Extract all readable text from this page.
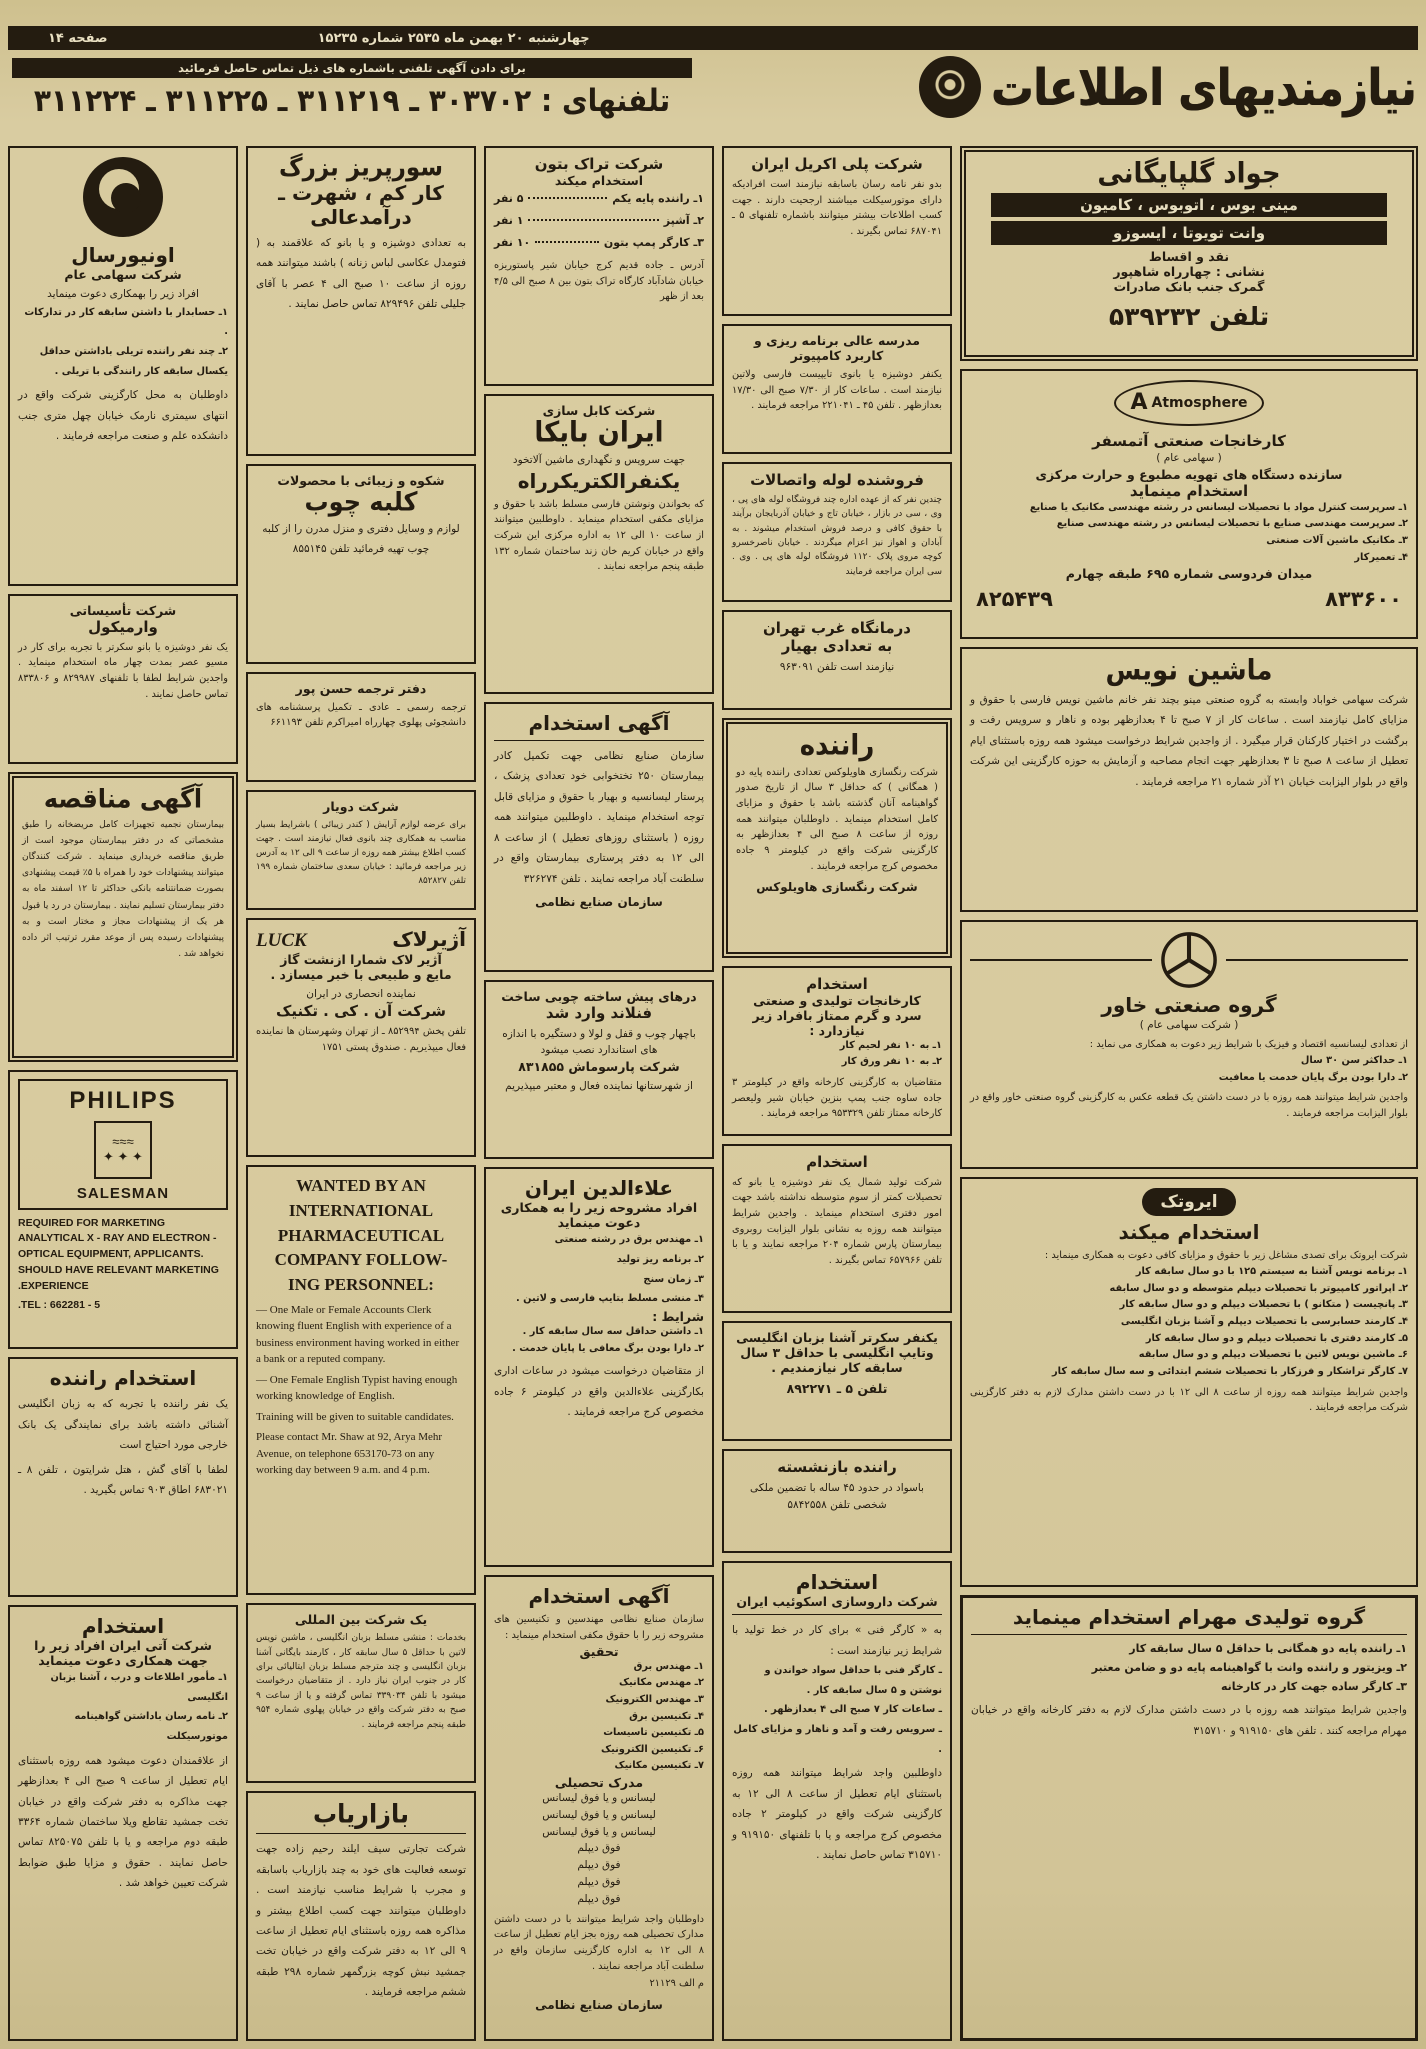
چهارشنبه ۲۰ بهمن ماه ۲۵۳۵ شماره ۱۵۲۳۵
صفحه ۱۴
نیازمندیهای اطلاعات
برای دادن آگهی تلفنی باشماره های ذیل تماس حاصل فرمائید
تلفنهای : ۳۰۳۷۰۲ ـ ۳۱۱۲۱۹ ـ ۳۱۱۲۲۵ ـ ۳۱۱۲۲۴
جواد گلپایگانی
مینی بوس ، اتوبوس ، کامیون
وانت تویوتا ، ایسوزو
نقد و اقساط
نشانی : چهارراه شاهپور
گمرک جنب بانک صادرات
تلفن ۵۳۹۲۳۲
A Atmosphere
کارخانجات صنعتی آتمسفر
( سهامی عام )
سازنده دستگاه های تهویه مطبوع و حرارت مرکزی
استخدام مینماید
۱ـ سرپرست کنترل مواد با تحصیلات لیسانس در رشته مهندسی مکانیک یا صنایع
۲ـ سرپرست مهندسی صنایع با تحصیلات لیسانس در رشته مهندسی صنایع
۳ـ مکانیک ماشین آلات صنعتی
۴ـ تعمیرکار
میدان فردوسی شماره ۶۹۵ طبقه چهارم
۸۳۳۶۰۰
۸۲۵۴۳۹
ماشین نویس
شرکت سهامی خواباد وابسته به گروه صنعتی مینو بچند نفر خانم ماشین نویس فارسی با حقوق و مزایای کامل نیازمند است . ساعات کار از ۷ صبح تا ۴ بعدازظهر بوده و ناهار و سرویس رفت و برگشت در اختیار کارکنان قرار میگیرد . از واجدین شرایط درخواست میشود همه روزه باستثنای ایام تعطیل از ساعت ۸ صبح تا ۳ بعدازظهر جهت انجام مصاحبه و آزمایش به حوزه کارگزینی این شرکت واقع در بلوار الیزابت خیابان ۲۱ آذر شماره ۲۱ مراجعه فرمایند .
گروه صنعتی خاور
( شرکت سهامی عام )
از تعدادی لیسانسیه اقتصاد و فیزیک با شرایط زیر دعوت به همکاری می نماید :
۱ـ حداکثر سن ۳۰ سال
۲ـ دارا بودن برگ پایان خدمت یا معافیت
واجدین شرایط میتوانند همه روزه با در دست داشتن یک قطعه عکس به کارگزینی گروه صنعتی خاور واقع در بلوار الیزابت مراجعه فرمایند .
ایروتک
استخدام میکند
شرکت ایروتک برای تصدی مشاغل زیر با حقوق و مزایای کافی دعوت به همکاری مینماید :
۱ـ برنامه نویس آشنا به سیستم ۱۲۵ با دو سال سابقه کار
۲ـ اپراتور کامپیوتر با تحصیلات دیپلم متوسطه و دو سال سابقه
۳ـ پانچیست ( متکانو ) با تحصیلات دیپلم و دو سال سابقه کار
۴ـ کارمند حسابرسی با تحصیلات دیپلم و آشنا بزبان انگلیسی
۵ـ کارمند دفتری با تحصیلات دیپلم و دو سال سابقه کار
۶ـ ماشین نویس لاتین با تحصیلات دیپلم و دو سال سابقه
۷ـ کارگر تراشکار و فرزکار با تحصیلات ششم ابتدائی و سه سال سابقه کار
واجدین شرایط میتوانند همه روزه از ساعت ۸ الی ۱۲ با در دست داشتن مدارک لازم به دفتر کارگزینی شرکت مراجعه فرمایند .
گروه تولیدی مهرام استخدام مینماید
۱ـ راننده پایه دو همگانی با حداقل ۵ سال سابقه کار
۲ـ ویزیتور و راننده وانت با گواهینامه پایه دو و ضامن معتبر
۳ـ کارگر ساده جهت کار در کارخانه
واجدین شرایط میتوانند همه روزه با در دست داشتن مدارک لازم به دفتر کارخانه واقع در خیابان مهرام مراجعه کنند . تلفن های ۹۱۹۱۵۰ و ۳۱۵۷۱۰
شرکت پلی اکریل ایران
بدو نفر نامه رسان باسابقه نیازمند است افرادیکه دارای موتورسیکلت میباشند ارجحیت دارند . جهت کسب اطلاعات بیشتر میتوانند باشماره تلفنهای ۵ ـ ۶۸۷۰۴۱ تماس بگیرند .
مدرسه عالی برنامه ریزی و
کاربرد کامپیوتر
یکنفر دوشیزه یا بانوی تایپیست فارسی ولاتین نیازمند است . ساعات کار از ۷/۳۰ صبح الی ۱۷/۳۰ بعدازظهر . تلفن ۴۵ ـ ۲۲۱۰۴۱ مراجعه فرمایند .
فروشنده لوله واتصالات
چندین نفر که از عهده اداره چند فروشگاه لوله های پی ، وی ، سی در بازار ، خیابان تاج و خیابان آذربایجان برآیند با حقوق کافی و درصد فروش استخدام میشوند . به آبادان و اهواز نیز اعزام میگردند . خیابان ناصرخسرو کوچه مروی پلاک ۱۱۲۰ فروشگاه لوله های پی . وی . سی ایران مراجعه فرمایند
درمانگاه غرب تهران
به تعدادی بهیار
نیازمند است تلفن ۹۶۳۰۹۱
راننده
شرکت رنگسازی هاویلوکس تعدادی راننده پایه دو ( همگانی ) که حداقل ۳ سال از تاریخ صدور گواهینامه آنان گذشته باشد با حقوق و مزایای کامل استخدام مینماید . داوطلبان میتوانند همه روزه از ساعت ۸ صبح الی ۴ بعدازظهر به کارگزینی شرکت واقع در کیلومتر ۹ جاده مخصوص کرج مراجعه فرمایند .
شرکت رنگسازی هاویلوکس
استخدام
کارخانجات تولیدی و صنعتی
سرد و گرم ممتاز بافراد زیر نیازدارد :
۱ـ به ۱۰ نفر لحیم کار
۲ـ به ۱۰ نفر ورق کار
متقاضیان به کارگزینی کارخانه واقع در کیلومتر ۳ جاده ساوه جنب پمپ بنزین خیابان شیر ولیعصر کارخانه ممتاز تلفن ۹۵۳۳۲۹ مراجعه فرمایند .
استخدام
شرکت تولید شمال یک نفر دوشیزه یا بانو که تحصیلات کمتر از سوم متوسطه نداشته باشد جهت امور دفتری استخدام مینماید . واجدین شرایط میتوانند همه روزه به نشانی بلوار الیزابت روبروی بیمارستان پارس شماره ۲۰۴ مراجعه نمایند و یا با تلفن ۶۵۷۹۶۶ تماس بگیرند .
یکنفر سکرتر آشنا بزبان انگلیسی
وتایپ انگلیسی با حداقل ۳ سال
سابقه کار نیازمندیم .
تلفن ۵ ـ ۸۹۲۲۷۱
راننده بازنشسته
باسواد در حدود ۴۵ ساله با تضمین ملکی شخصی تلفن ۵۸۴۲۵۵۸
استخدام
شرکت داروسازی اسکوئیب ایران
به « کارگر فنی » برای کار در خط تولید با شرایط زیر نیازمند است :
ـ کارگر فنی با حداقل سواد خواندن و نوشتن و ۵ سال سابقه کار .
ـ ساعات کار ۷ صبح الی ۴ بعدازظهر .
ـ سرویس رفت و آمد و ناهار و مزایای کامل .
داوطلبین واجد شرایط میتوانند همه روزه باستثنای ایام تعطیل از ساعت ۸ الی ۱۲ به کارگزینی شرکت واقع در کیلومتر ۲ جاده مخصوص کرج مراجعه و یا با تلفنهای ۹۱۹۱۵۰ و ۳۱۵۷۱۰ تماس حاصل نمایند .
شرکت تراک بتون
استخدام میکند
۱ـ راننده پایه یکم
۵ نفر
۲ـ آشپز
۱ نفر
۳ـ کارگر پمپ بتون
۱۰ نفر
آدرس ـ جاده قدیم کرج خیابان شیر پاستوریزه خیابان شادآباد کارگاه تراک بتون بین ۸ صبح الی ۴/۵ بعد از ظهر
شرکت کابل سازی
ایران بایکا
جهت سرویس و نگهداری ماشین آلاتخود
یکنفرالکتریکرراه
که بخواندن ونوشتن فارسی مسلط باشد با حقوق و مزایای مکفی استخدام مینماید . داوطلبین میتوانند از ساعت ۱۰ الی ۱۲ به اداره مرکزی این شرکت واقع در خیابان کریم خان زند ساختمان شماره ۱۳۲ طبقه پنجم مراجعه نمایند .
آگهی استخدام
سازمان صنایع نظامی جهت تکمیل کادر بیمارستان ۲۵۰ تختخوابی خود تعدادی پزشک ، پرستار لیسانسیه و بهیار با حقوق و مزایای قابل توجه استخدام مینماید . داوطلبین میتوانند همه روزه ( باستثنای روزهای تعطیل ) از ساعت ۸ الی ۱۲ به دفتر پرستاری بیمارستان واقع در سلطنت آباد مراجعه نمایند . تلفن ۳۲۶۲۷۴
سازمان صنایع نظامی
درهای پیش ساخته چوبی ساخت
فنلاند وارد شد
باچهار چوب و قفل و لولا و دستگیره با اندازه های استاندارد نصب میشود
شرکت پارسوماش ۸۳۱۸۵۵
از شهرستانها نماینده فعال و معتبر میپذیریم
علاءالدین ایران
افراد مشروحه زیر را به همکاری دعوت مینماید
۱ـ مهندس برق در رشته صنعتی
۲ـ برنامه ریز تولید
۳ـ زمان سنج
۴ـ منشی مسلط بتایپ فارسی و لاتین .
شرایط :
۱ـ داشتن حداقل سه سال سابقه کار .
۲ـ دارا بودن برگ معافی یا پایان خدمت .
از متقاضیان درخواست میشود در ساعات اداری بکارگزینی علاءالدین واقع در کیلومتر ۶ جاده مخصوص کرج مراجعه فرمایند .
آگهی استخدام
سازمان صنایع نظامی مهندسین و تکنیسین های مشروحه زیر را با حقوق مکفی استخدام مینماید :
تحقیق
۱ـ مهندس برق
۲ـ مهندس مکانیک
۳ـ مهندس الکترونیک
۴ـ تکنیسین برق
۵ـ تکنیسین تاسیسات
۶ـ تکنیسین الکترونیک
۷ـ تکنیسین مکانیک
مدرک تحصیلی
لیسانس و یا فوق لیسانس
لیسانس و یا فوق لیسانس
لیسانس و یا فوق لیسانس
فوق دیپلم
فوق دیپلم
فوق دیپلم
فوق دیپلم
داوطلبان واجد شرایط میتوانند با در دست داشتن مدارک تحصیلی همه روزه بجز ایام تعطیل از ساعت ۸ الی ۱۲ به اداره کارگزینی سازمان واقع در سلطنت آباد مراجعه نمایند .
م الف ۲۱۱۲۹
سازمان صنایع نظامی
سورپریز بزرگ
کار کم ، شهرت ـ
درآمدعالی
به تعدادی دوشیزه و یا بانو که علاقمند به ( فتومدل عکاسی لباس زنانه ) باشند میتوانند همه روزه از ساعت ۱۰ صبح الی ۴ عصر با آقای جلیلی تلفن ۸۲۹۴۹۶ تماس حاصل نمایند .
شکوه و زیبائی با محصولات
کلبه چوب
لوازم و وسایل دفتری و منزل مدرن را از کلبه چوب تهیه فرمائید تلفن ۸۵۵۱۴۵
دفتر ترجمه حسن پور
ترجمه رسمی ـ عادی ـ تکمیل پرسشنامه های دانشجوئی پهلوی چهارراه امیراکرم تلفن ۶۶۱۱۹۳
شرکت دویار
برای عرضه لوازم آرایش ( کندر زیبائی ) باشرایط بسیار مناسب به همکاری چند بانوی فعال نیازمند است . جهت کسب اطلاع بیشتر همه روزه از ساعت ۹ الی ۱۲ به آدرس زیر مراجعه فرمائید : خیابان سعدی ساختمان شماره ۱۹۹ تلفن ۸۵۲۸۲۷
آژیرلاک
LUCK
آژیر لاک شمارا ازنشت گاز
مایع و طبیعی با خبر میسازد .
نماینده انحصاری در ایران
شرکت آن . کی . تکنیک
تلفن پخش ۸۵۲۹۹۴ ـ از تهران وشهرستان ها نماینده فعال میپذیریم . صندوق پستی ۱۷۵۱
WANTED BY AN
INTERNATIONAL
PHARMACEUTICAL
COMPANY FOLLOW-
ING PERSONNEL:
— One Male or Female Accounts Clerk knowing fluent English with experience of a business environment having worked in either a bank or a reputed company.
— One Female English Typist having enough working knowledge of English.
Training will be given to suitable candidates.
Please contact Mr. Shaw at 92, Arya Mehr Avenue, on telephone 653170-73 on any working day between 9 a.m. and 4 p.m.
یک شرکت بین المللی
بخدمات : منشی مسلط بزبان انگلیسی ، ماشین نویس لاتین با حداقل ۵ سال سابقه کار ، کارمند بایگانی آشنا بزبان انگلیسی و چند مترجم مسلط بزبان ایتالیائی برای کار در جنوب ایران نیاز دارد . از متقاضیان درخواست میشود با تلفن ۳۳۹۰۳۴ تماس گرفته و یا از ساعت ۹ صبح به دفتر شرکت واقع در خیابان پهلوی شماره ۹۵۴ طبقه پنجم مراجعه فرمایند .
بازاریاب
شرکت تجارتی سیف ایلند رحیم زاده جهت توسعه فعالیت های خود به چند بازاریاب باسابقه و مجرب با شرایط مناسب نیازمند است . داوطلبان میتوانند جهت کسب اطلاع بیشتر و مذاکره همه روزه باستثنای ایام تعطیل از ساعت ۹ الی ۱۲ به دفتر شرکت واقع در خیابان تخت جمشید نبش کوچه بزرگمهر شماره ۲۹۸ طبقه ششم مراجعه فرمایند .
اونیورسال
شرکت سهامی عام
افراد زیر را بهمکاری دعوت مینماید
۱ـ حسابدار با داشتن سابقه کار در تدارکات .
۲ـ چند نفر راننده تریلی باداشتن حداقل یکسال سابقه کار رانندگی با تریلی .
داوطلبان به محل کارگزینی شرکت واقع در انتهای سیمتری نارمک خیابان چهل متری جنب دانشکده علم و صنعت مراجعه فرمایند .
شرکت تأسیساتی
وارمیکول
یک نفر دوشیزه یا بانو سکرتر با تجربه برای کار در مسیو عصر بمدت چهار ماه استخدام مینماید . واجدین شرایط لطفا با تلفنهای ۸۲۹۹۸۷ و ۸۳۳۸۰۶ تماس حاصل نمایند .
آگهی مناقصه
بیمارستان نجمیه تجهیزات کامل مریضخانه را طبق مشخصاتی که در دفتر بیمارستان موجود است از طریق مناقصه خریداری مینماید . شرکت کنندگان میتوانند پیشنهادات خود را همراه با ۵٪ قیمت پیشنهادی بصورت ضمانتنامه بانکی حداکثر تا ۱۲ اسفند ماه به دفتر بیمارستان تسلیم نمایند . بیمارستان در رد یا قبول هر یک از پیشنهادات مجاز و مختار است و به پیشنهادات رسیده پس از موعد مقرر ترتیب اثر داده نخواهد شد .
PHILIPS
≈≈≈
✦ ✦ ✦
SALESMAN
REQUIRED FOR MARKETING ANALYTICAL X - RAY AND ELECTRON - OPTICAL EQUIPMENT, APPLICANTS. SHOULD HAVE RELEVANT MARKETING EXPERIENCE.
TEL : 662281 - 5.
استخدام راننده
یک نفر راننده با تجربه که به زبان انگلیسی آشنائی داشته باشد برای نمایندگی یک بانک خارجی مورد احتیاج است
لطفا با آقای گش ، هتل شرایتون ، تلفن ۸ ـ ۶۸۳۰۲۱ اطاق ۹۰۳ تماس بگیرید .
استخدام
شرکت آتی ایران افراد زیر را
جهت همکاری دعوت مینماید
۱ـ مأمور اطلاعات و درب ، آشنا بزبان انگلیسی
۲ـ نامه رسان باداشتن گواهینامه موتورسیکلت
از علاقمندان دعوت میشود همه روزه باستثنای ایام تعطیل از ساعت ۹ صبح الی ۴ بعدازظهر جهت مذاکره به دفتر شرکت واقع در خیابان تخت جمشید تقاطع ویلا ساختمان شماره ۳۳۶۴ طبقه دوم مراجعه و یا با تلفن ۸۲۵۰۷۵ تماس حاصل نمایند . حقوق و مزایا طبق ضوابط شرکت تعیین خواهد شد .
